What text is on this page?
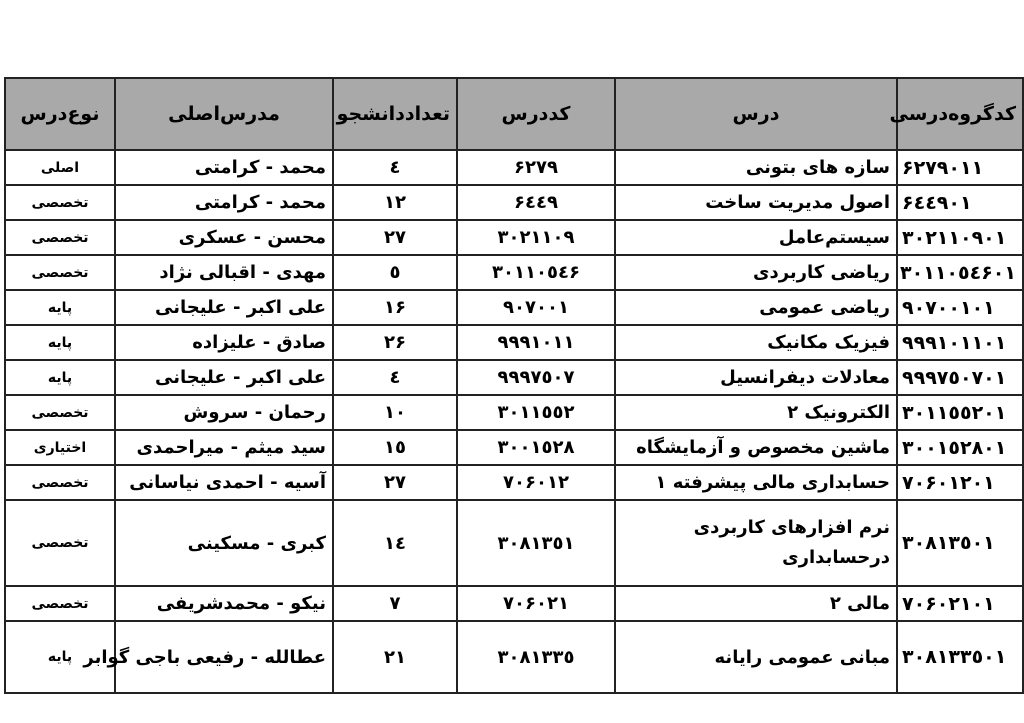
کدگروه‌درسی	درس	کددرس	تعداددانشجو	مدرس‌اصلی	نوع‌درس
۶۲۷۹۰۱۱	سازه های بتونی	۶۲۷۹	٤	محمد - کرامتی	اصلی
۶٤٤۹۰۱	اصول مدیریت ساخت	۶٤٤۹	۱۲	محمد - کرامتی	تخصصی
۳۰۲۱۱۰۹۰۱	سیستم‌عامل	۳۰۲۱۱۰۹	۲۷	محسن - عسکری	تخصصی
۳۰۱۱۰٥٤۶۰۱	ریاضی کاربردی	۳۰۱۱۰٥٤۶	٥	مهدی - اقبالی نژاد	تخصصی
۹۰۷۰۰۱۰۱	ریاضی عمومی	۹۰۷۰۰۱	۱۶	علی اکبر - علیجانی	پایه
۹۹۹۱۰۱۱۰۱	فیزیک مکانیک	۹۹۹۱۰۱۱	۲۶	صادق - علیزاده	پایه
۹۹۹۷٥۰۷۰۱	معادلات دیفرانسیل	۹۹۹۷٥۰۷	٤	علی اکبر - علیجانی	پایه
۳۰۱۱٥٥۲۰۱	الکترونیک ۲	۳۰۱۱٥٥۲	۱۰	رحمان - سروش	تخصصی
۳۰۰۱٥۲۸۰۱	ماشین مخصوص و آزمایشگاه	۳۰۰۱٥۲۸	۱٥	سید میثم - میراحمدی	اختیاری
۷۰۶۰۱۲۰۱	حسابداری مالی پیشرفته ۱	۷۰۶۰۱۲	۲۷	آسیه - احمدی نیاسانی	تخصصی
۳۰۸۱۳٥۰۱	نرم افزارهای کاربردی درحسابداری	۳۰۸۱۳٥۱	۱٤	کبری - مسکینی	تخصصی
۷۰۶۰۲۱۰۱	مالی ۲	۷۰۶۰۲۱	۷	نیکو - محمدشریفی	تخصصی
۳۰۸۱۳۳٥۰۱	مبانی عمومی رایانه	۳۰۸۱۳۳٥	۲۱	عطالله - رفیعی باجی گوابر	پایه
